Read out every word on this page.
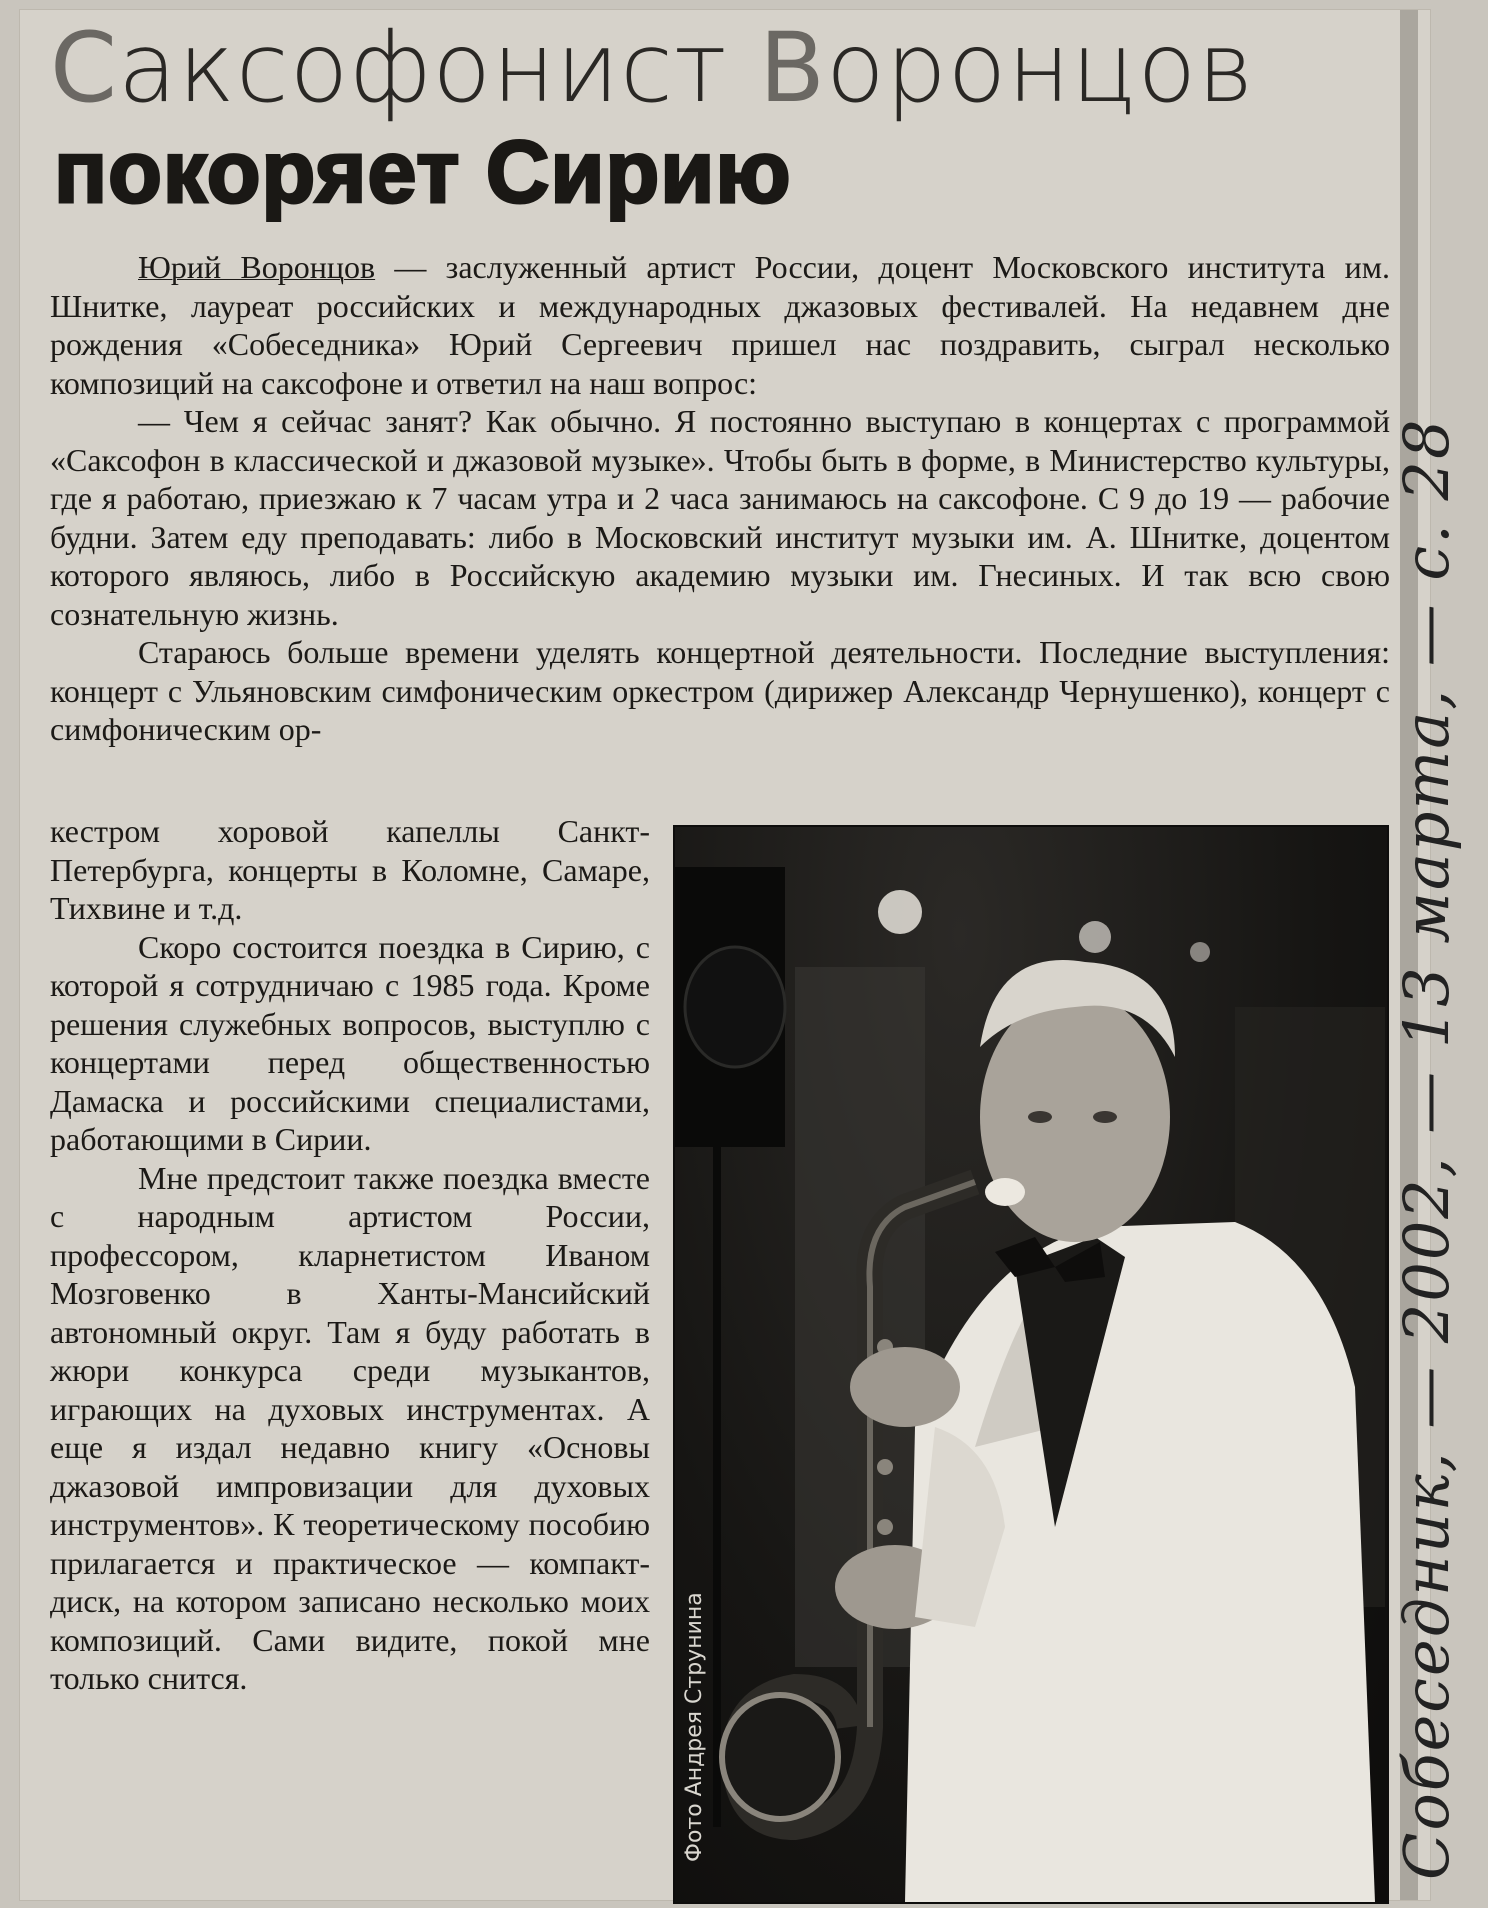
Саксофонист Воронцов
покоряет Сирию

Юрий Воронцов — заслуженный артист России, доцент Московского института им. Шнитке, лауреат российских и международных джазовых фестивалей. На недавнем дне рождения «Собеседника» Юрий Сергеевич пришел нас поздравить, сыграл несколько композиций на саксофоне и ответил на наш вопрос:

— Чем я сейчас занят? Как обычно. Я постоянно выступаю в концертах с программой «Саксофон в классической и джазовой музыке». Чтобы быть в форме, в Министерство культуры, где я работаю, приезжаю к 7 часам утра и 2 часа занимаюсь на саксофоне. С 9 до 19 — рабочие будни. Затем еду преподавать: либо в Московский институт музыки им. А. Шнитке, доцентом которого являюсь, либо в Российскую академию музыки им. Гнесиных. И так всю свою сознательную жизнь.

Стараюсь больше времени уделять концертной деятельности. Последние выступления: концерт с Ульяновским симфоническим оркестром (дирижер Александр Чернушенко), концерт с симфоническим ор-

кестром хоровой капеллы Санкт-Петербурга, концерты в Коломне, Самаре, Тихвине и т.д.

Скоро состоится поездка в Сирию, с которой я сотрудничаю с 1985 года. Кроме решения служебных вопросов, выступлю с концертами перед общественностью Дамаска и российскими специалистами, работающими в Сирии.

Мне предстоит также поездка вместе с народным артистом России, профессором, кларнетистом Иваном Мозговенко в Ханты-Мансийский автономный округ. Там я буду работать в жюри конкурса среди музыкантов, играющих на духовых инструментах. А еще я издал недавно книгу «Основы джазовой импровизации для духовых инструментов». К теоретическому пособию прилагается и практическое — компакт-диск, на котором записано несколько моих композиций. Сами видите, покой мне только снится.	Фото Андрея Струнина	Собеседник, — 2002, — 13 марта, — с. 28
